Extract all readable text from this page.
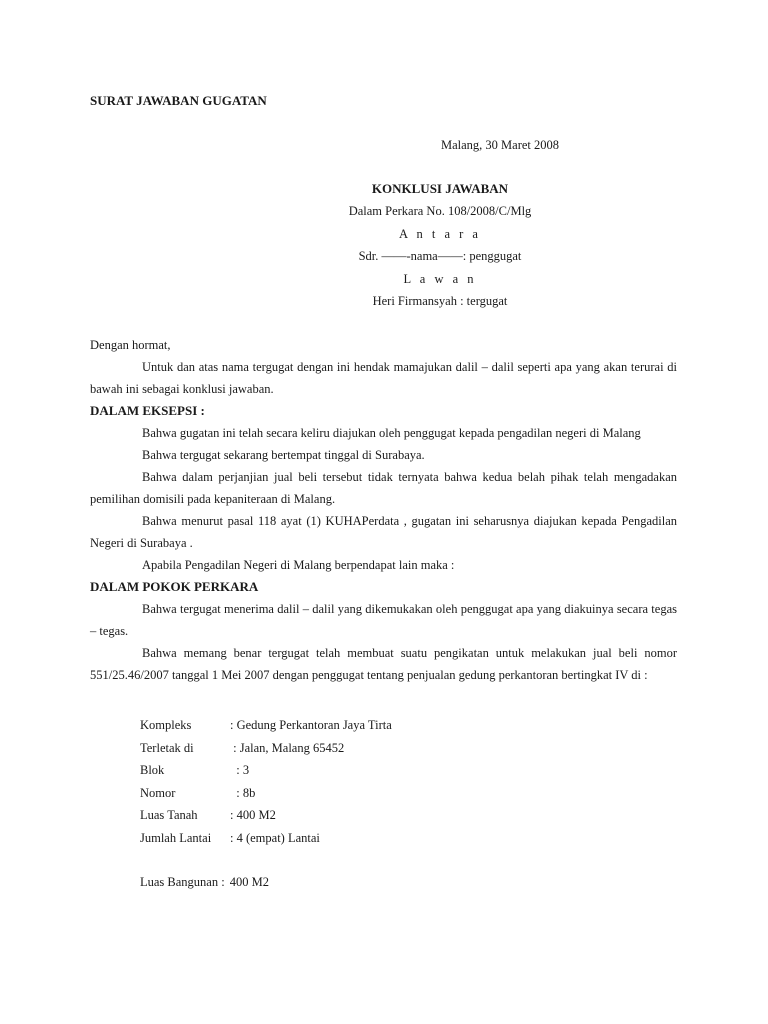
SURAT JAWABAN GUGATAN
Malang, 30 Maret 2008
KONKLUSI JAWABAN
Dalam Perkara No. 108/2008/C/Mlg
A n t a r a
Sdr. ——-nama——: penggugat
L a w a n
Heri Firmansyah : tergugat

Dengan hormat,

Untuk dan atas nama tergugat dengan ini hendak mamajukan dalil – dalil seperti apa yang akan terurai di bawah ini sebagai konklusi jawaban.

DALAM EKSEPSI :

Bahwa gugatan ini telah secara keliru diajukan oleh penggugat kepada pengadilan negeri di Malang

Bahwa tergugat sekarang bertempat tinggal di Surabaya.

Bahwa dalam perjanjian jual beli tersebut tidak ternyata bahwa kedua belah pihak telah mengadakan pemilihan domisili pada kepaniteraan di Malang.

Bahwa menurut pasal 118 ayat (1) KUHAPerdata , gugatan ini seharusnya diajukan kepada Pengadilan Negeri di Surabaya .

Apabila Pengadilan Negeri di Malang berpendapat lain maka :

DALAM POKOK PERKARA

Bahwa tergugat menerima dalil – dalil yang dikemukakan oleh penggugat apa yang diakuinya secara tegas – tegas.

Bahwa memang benar tergugat telah membuat suatu pengikatan untuk melakukan jual beli nomor 551/25.46/2007 tanggal 1 Mei 2007 dengan penggugat tentang penjualan gedung perkantoran bertingkat IV di :

Kompleks	: Gedung Perkantoran Jaya Tirta
Terletak di	: Jalan, Malang 65452
Blok	: 3
Nomor	: 8b
Luas Tanah	: 400 M2
Jumlah Lantai	: 4 (empat) Lantai
Luas Bangunan : 400 M2
